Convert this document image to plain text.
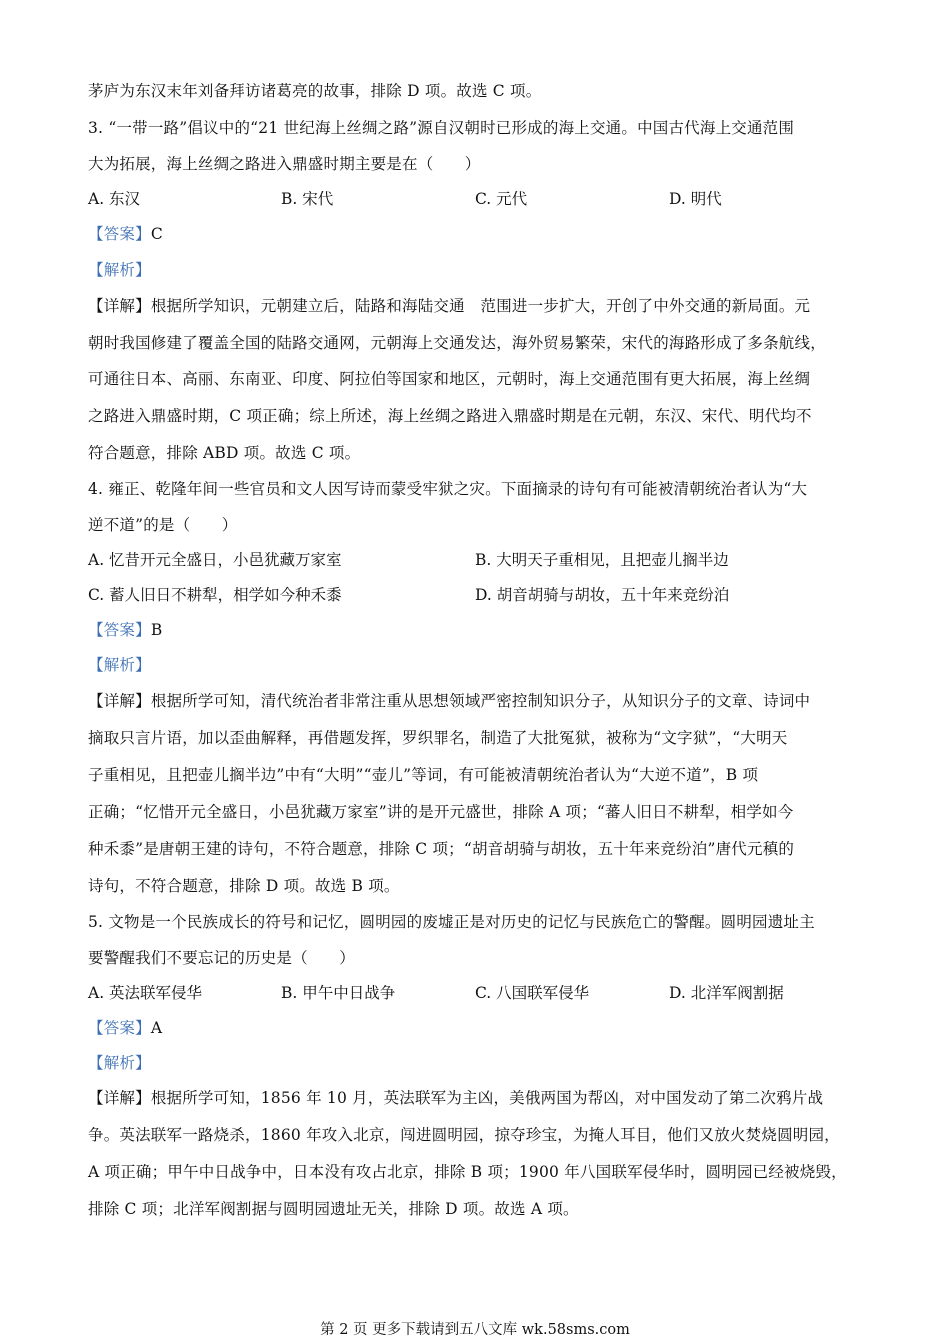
茅庐为东汉末年刘备拜访诸葛亮的故事，排除 D 项。故选 C 项。
3. “一带一路”倡议中的“21 世纪海上丝绸之路”源自汉朝时已形成的海上交通。中国古代海上交通范围
大为拓展，海上丝绸之路进入鼎盛时期主要是在（　　）
A. 东汉	B. 宋代	C. 元代	D. 明代
【答案】C
【解析】
【详解】根据所学知识，元朝建立后，陆路和海陆交通　范围进一步扩大，开创了中外交通的新局面。元
朝时我国修建了覆盖全国的陆路交通网，元朝海上交通发达，海外贸易繁荣，宋代的海路形成了多条航线，
可通往日本、高丽、东南亚、印度、阿拉伯等国家和地区，元朝时，海上交通范围有更大拓展，海上丝绸
之路进入鼎盛时期，C 项正确；综上所述，海上丝绸之路进入鼎盛时期是在元朝，东汉、宋代、明代均不
符合题意，排除 ABD 项。故选 C 项。
4. 雍正、乾隆年间一些官员和文人因写诗而蒙受牢狱之灾。下面摘录的诗句有可能被清朝统治者认为“大
逆不道”的是（　　）
A. 忆昔开元全盛日，小邑犹藏万家室	B. 大明天子重相见，且把壶儿搁半边
C. 蓄人旧日不耕犁，相学如今种禾黍	D. 胡音胡骑与胡妆，五十年来竞纷泊
【答案】B
【解析】
【详解】根据所学可知，清代统治者非常注重从思想领域严密控制知识分子，从知识分子的文章、诗词中
摘取只言片语，加以歪曲解释，再借题发挥，罗织罪名，制造了大批冤狱，被称为“文字狱”，“大明天
子重相见，且把壶儿搁半边”中有“大明”“壶儿”等词，有可能被清朝统治者认为“大逆不道”，B 项
正确；“忆惜开元全盛日，小邑犹藏万家室”讲的是开元盛世，排除 A 项；“蕃人旧日不耕犁，相学如今
种禾黍”是唐朝王建的诗句，不符合题意，排除 C 项；“胡音胡骑与胡妆，五十年来竞纷泊”唐代元稹的
诗句，不符合题意，排除 D 项。故选 B 项。
5. 文物是一个民族成长的符号和记忆，圆明园的废墟正是对历史的记忆与民族危亡的警醒。圆明园遗址主
要警醒我们不要忘记的历史是（　　）
A. 英法联军侵华	B. 甲午中日战争	C. 八国联军侵华	D. 北洋军阀割据
【答案】A
【解析】
【详解】根据所学可知，1856 年 10 月，英法联军为主凶，美俄两国为帮凶，对中国发动了第二次鸦片战
争。英法联军一路烧杀，1860 年攻入北京，闯进圆明园，掠夺珍宝，为掩人耳目，他们又放火焚烧圆明园，
A 项正确；甲午中日战争中，日本没有攻占北京，排除 B 项；1900 年八国联军侵华时，圆明园已经被烧毁，
排除 C 项；北洋军阀割据与圆明园遗址无关，排除 D 项。故选 A 项。
第 2 页 更多下载请到五八文库 wk.58sms.com
